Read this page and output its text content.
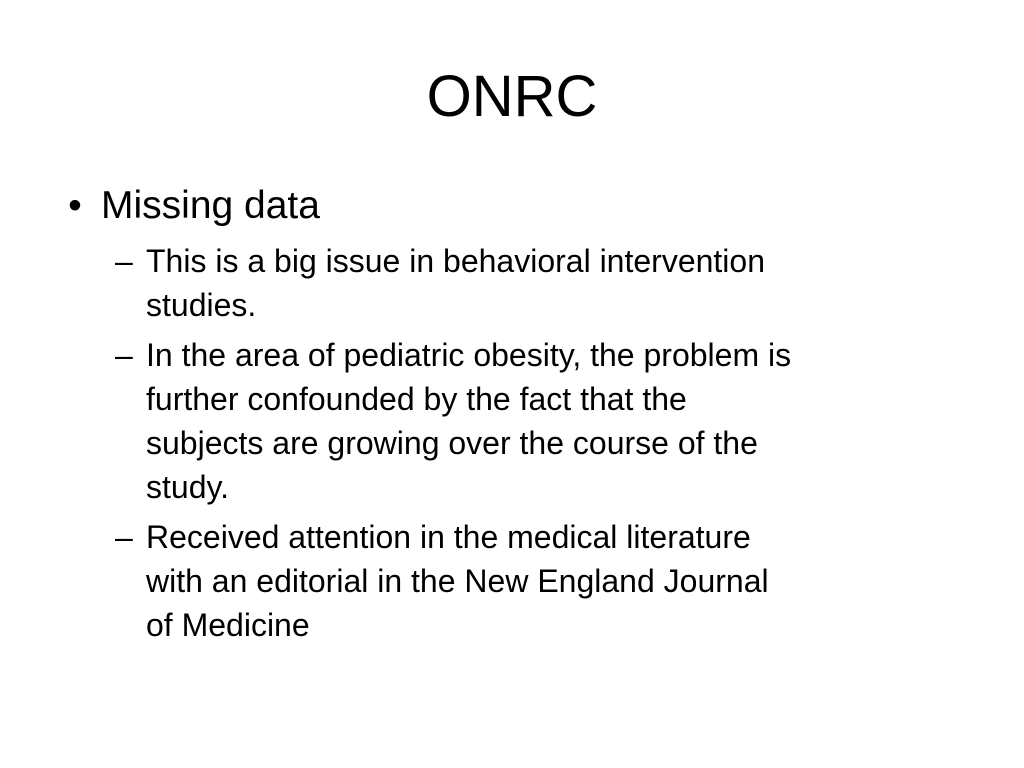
ONRC
• Missing data
– This is a big issue in behavioral intervention
studies.
– In the area of pediatric obesity, the problem is
further confounded by the fact that the
subjects are growing over the course of the
study.
– Received attention in the medical literature
with an editorial in the New England Journal
of Medicine
